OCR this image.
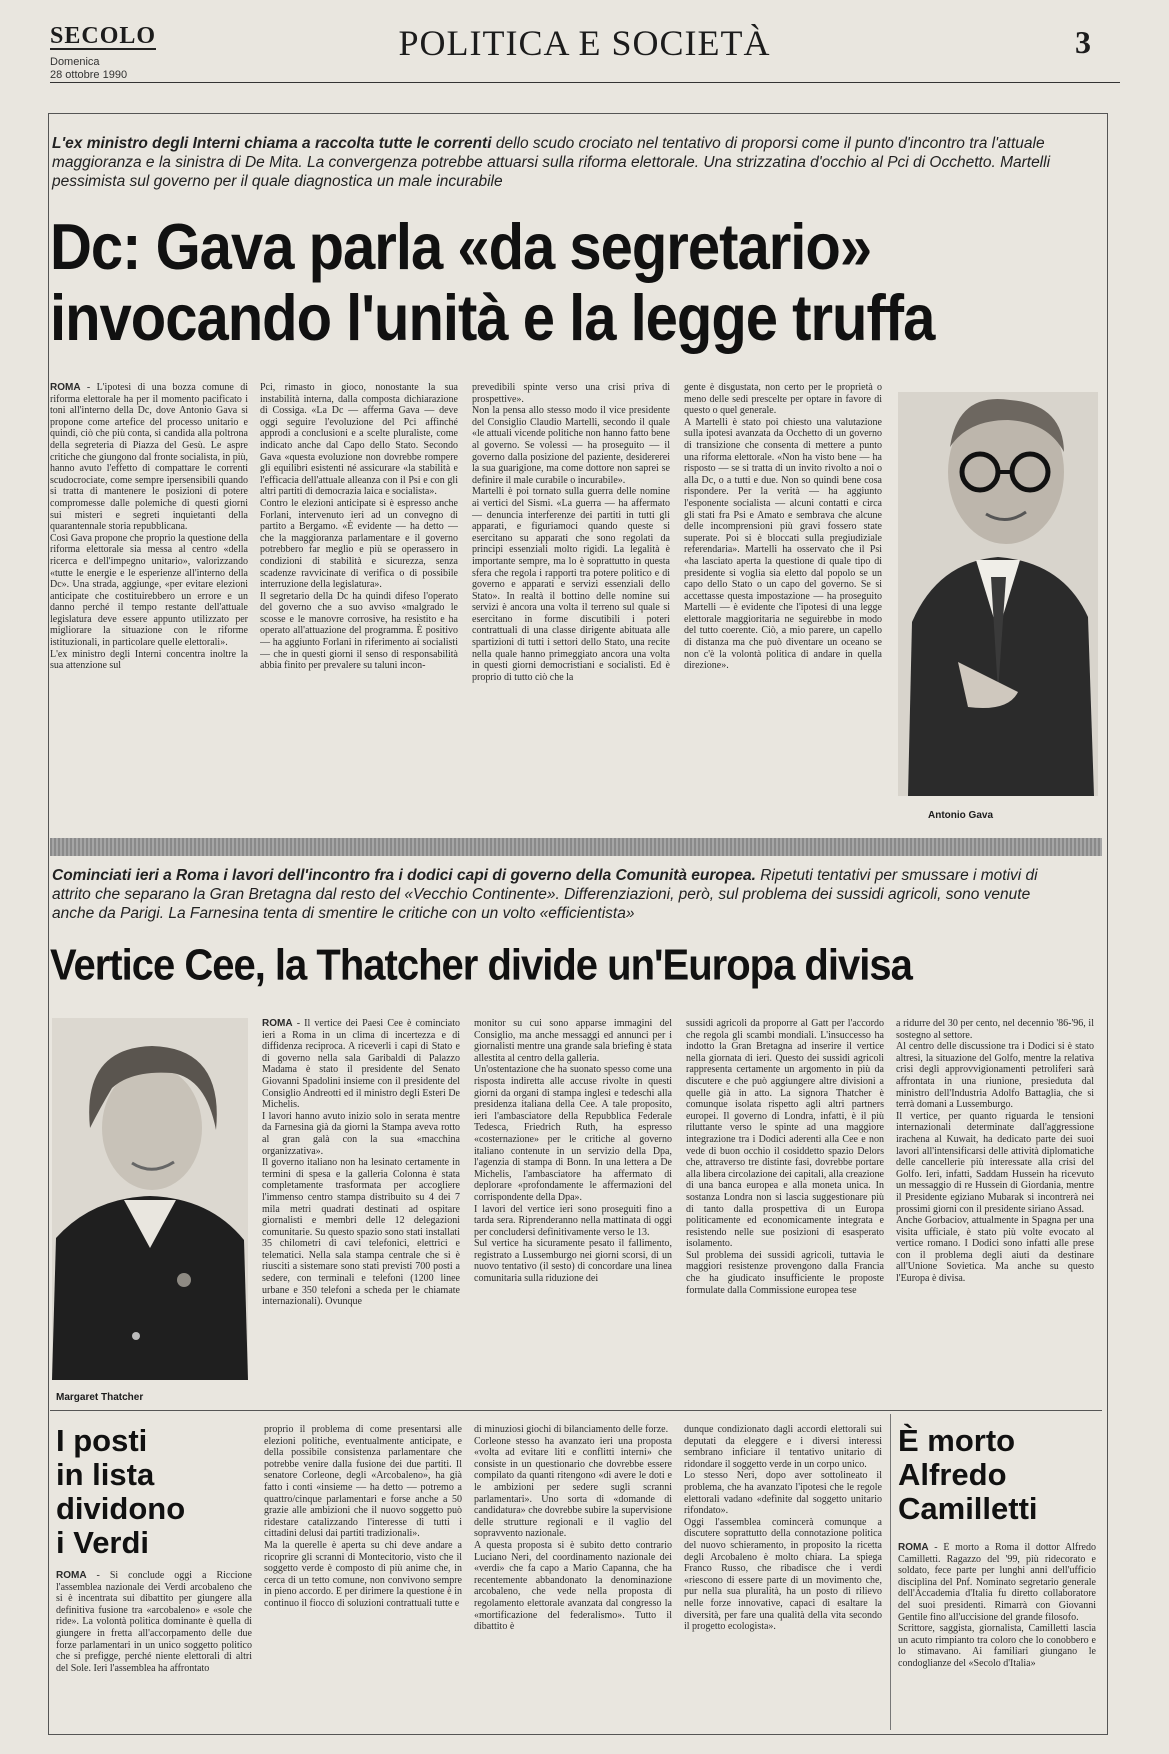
SECOLO
Domenica
28 ottobre 1990
POLITICA E SOCIETÀ	3
L'ex ministro degli Interni chiama a raccolta tutte le correnti dello scudo crociato nel tentativo di proporsi come il punto d'incontro tra l'attuale maggioranza e la sinistra di De Mita. La convergenza potrebbe attuarsi sulla riforma elettorale. Una strizzatina d'occhio al Pci di Occhetto. Martelli pessimista sul governo per il quale diagnostica un male incurabile
Dc: Gava parla «da segretario»
invocando l'unità e la legge truffa
ROMA - L'ipotesi di una bozza comune di riforma elettorale ha per il momento pacificato i toni all'interno della Dc, dove Antonio Gava si propone come artefice del processo unitario e quindi, ciò che più conta, si candida alla poltrona della segreteria di Piazza del Gesù. Le aspre critiche che giungono dal fronte socialista, in più, hanno avuto l'effetto di compattare le correnti scudocrociate, come sempre ipersensibili quando si tratta di mantenere le posizioni di potere compromesse dalle polemiche di questi giorni sui misteri e segreti inquietanti della quarantennale storia repubblicana.
Così Gava propone che proprio la questione della riforma elettorale sia messa al centro «della ricerca e dell'impegno unitario», valorizzando «tutte le energie e le esperienze all'interno della Dc». Una strada, aggiunge, «per evitare elezioni anticipate che costituirebbero un errore e un danno perché il tempo restante dell'attuale legislatura deve essere appunto utilizzato per migliorare la situazione con le riforme istituzionali, in particolare quelle elettorali».
L'ex ministro degli Interni concentra inoltre la sua attenzione sul
Pci, rimasto in gioco, nonostante la sua instabilità interna, dalla composta dichiarazione di Cossiga. «La Dc — afferma Gava — deve oggi seguire l'evoluzione del Pci affinché approdi a conclusioni e a scelte pluraliste, come indicato anche dal Capo dello Stato. Secondo Gava «questa evoluzione non dovrebbe rompere gli equilibri esistenti né assicurare «la stabilità e l'efficacia dell'attuale alleanza con il Psi e con gli altri partiti di democrazia laica e socialista».
Contro le elezioni anticipate si è espresso anche Forlani, intervenuto ieri ad un convegno di partito a Bergamo. «È evidente — ha detto — che la maggioranza parlamentare e il governo potrebbero far meglio e più se operassero in condizioni di stabilità e sicurezza, senza scadenze ravvicinate di verifica o di possibile interruzione della legislatura».
Il segretario della Dc ha quindi difeso l'operato del governo che a suo avviso «malgrado le scosse e le manovre corrosive, ha resistito e ha operato all'attuazione del programma. È positivo — ha aggiunto Forlani in riferimento ai socialisti — che in questi giorni il senso di responsabilità abbia finito per prevalere su taluni incon-
prevedibili spinte verso una crisi priva di prospettive».
Non la pensa allo stesso modo il vice presidente del Consiglio Claudio Martelli, secondo il quale «le attuali vicende politiche non hanno fatto bene al governo. Se volessi — ha proseguito — il governo dalla posizione del paziente, desidererei la sua guarigione, ma come dottore non saprei se definire il male curabile o incurabile».
Martelli è poi tornato sulla guerra delle nomine ai vertici del Sismi. «La guerra — ha affermato — denuncia interferenze dei partiti in tutti gli apparati, e figuriamoci quando queste si esercitano su apparati che sono regolati da principi essenziali molto rigidi. La legalità è importante sempre, ma lo è soprattutto in questa sfera che regola i rapporti tra potere politico e di governo e apparati e servizi essenziali dello Stato». In realtà il bottino delle nomine sui servizi è ancora una volta il terreno sul quale si esercitano in forme discutibili i poteri contrattuali di una classe dirigente abituata alle spartizioni di tutti i settori dello Stato, una recite nella quale hanno primeggiato ancora una volta in questi giorni democristiani e socialisti. Ed è proprio di tutto ciò che la
gente è disgustata, non certo per le proprietà o meno delle sedi prescelte per optare in favore di questo o quel generale.
A Martelli è stato poi chiesto una valutazione sulla ipotesi avanzata da Occhetto di un governo di transizione che consenta di mettere a punto una riforma elettorale. «Non ha visto bene — ha risposto — se si tratta di un invito rivolto a noi o alla Dc, o a tutti e due. Non so quindi bene cosa rispondere. Per la verità — ha aggiunto l'esponente socialista — alcuni contatti e circa gli stati fra Psi e Amato e sembrava che alcune delle incomprensioni più gravi fossero state superate. Poi si è bloccati sulla pregiudiziale referendaria». Martelli ha osservato che il Psi «ha lasciato aperta la questione di quale tipo di presidente si voglia sia eletto dal popolo se un capo dello Stato o un capo del governo. Se si accettasse questa impostazione — ha proseguito Martelli — è evidente che l'ipotesi di una legge elettorale maggioritaria ne seguirebbe in modo del tutto coerente. Ciò, a mio parere, un capello di distanza ma che può diventare un oceano se non c'è la volontà politica di andare in quella direzione».
Antonio Gava
Cominciati ieri a Roma i lavori dell'incontro fra i dodici capi di governo della Comunità europea. Ripetuti tentativi per smussare i motivi di attrito che separano la Gran Bretagna dal resto del «Vecchio Continente». Differenziazioni, però, sul problema dei sussidi agricoli, sono venute anche da Parigi. La Farnesina tenta di smentire le critiche con un volto «efficientista»
Vertice Cee, la Thatcher divide un'Europa divisa
Margaret Thatcher
ROMA - Il vertice dei Paesi Cee è cominciato ieri a Roma in un clima di incertezza e di diffidenza reciproca. A riceverli i capi di Stato e di governo nella sala Garibaldi di Palazzo Madama è stato il presidente del Senato Giovanni Spadolini insieme con il presidente del Consiglio Andreotti ed il ministro degli Esteri De Michelis.
I lavori hanno avuto inizio solo in serata mentre da Farnesina già da giorni la Stampa aveva rotto al gran galà con la sua «macchina organizzativa».
Il governo italiano non ha lesinato certamente in termini di spesa e la galleria Colonna è stata completamente trasformata per accogliere l'immenso centro stampa distribuito su 4 dei 7 mila metri quadrati destinati ad ospitare giornalisti e membri delle 12 delegazioni comunitarie. Su questo spazio sono stati installati 35 chilometri di cavi telefonici, elettrici e telematici. Nella sala stampa centrale che si è riusciti a sistemare sono stati previsti 700 posti a sedere, con terminali e telefoni (1200 linee urbane e 350 telefoni a scheda per le chiamate internazionali). Ovunque
monitor su cui sono apparse immagini del Consiglio, ma anche messaggi ed annunci per i giornalisti mentre una grande sala briefing è stata allestita al centro della galleria.
Un'ostentazione che ha suonato spesso come una risposta indiretta alle accuse rivolte in questi giorni da organi di stampa inglesi e tedeschi alla presidenza italiana della Cee. A tale proposito, ieri l'ambasciatore della Repubblica Federale Tedesca, Friedrich Ruth, ha espresso «costernazione» per le critiche al governo italiano contenute in un servizio della Dpa, l'agenzia di stampa di Bonn. In una lettera a De Michelis, l'ambasciatore ha affermato di deplorare «profondamente le affermazioni del corrispondente della Dpa».
I lavori del vertice ieri sono proseguiti fino a tarda sera. Riprenderanno nella mattinata di oggi per concludersi definitivamente verso le 13.
Sul vertice ha sicuramente pesato il fallimento, registrato a Lussemburgo nei giorni scorsi, di un nuovo tentativo (il sesto) di concordare una linea comunitaria sulla riduzione dei
sussidi agricoli da proporre al Gatt per l'accordo che regola gli scambi mondiali. L'insuccesso ha indotto la Gran Bretagna ad inserire il vertice nella giornata di ieri. Questo dei sussidi agricoli rappresenta certamente un argomento in più da discutere e che può aggiungere altre divisioni a quelle già in atto. La signora Thatcher è comunque isolata rispetto agli altri partners europei. Il governo di Londra, infatti, è il più riluttante verso le spinte ad una maggiore integrazione tra i Dodici aderenti alla Cee e non vede di buon occhio il cosiddetto spazio Delors che, attraverso tre distinte fasi, dovrebbe portare alla libera circolazione dei capitali, alla creazione di una banca europea e alla moneta unica. In sostanza Londra non si lascia suggestionare più di tanto dalla prospettiva di un Europa politicamente ed economicamente integrata e resistendo nelle sue posizioni di esasperato isolamento.
Sul problema dei sussidi agricoli, tuttavia le maggiori resistenze provengono dalla Francia che ha giudicato insufficiente le proposte formulate dalla Commissione europea tese
a ridurre del 30 per cento, nel decennio '86-'96, il sostegno al settore.
Al centro delle discussione tra i Dodici si è stato altresì, la situazione del Golfo, mentre la relativa crisi degli approvvigionamenti petroliferi sarà affrontata in una riunione, presieduta dal ministro dell'Industria Adolfo Battaglia, che si terrà domani a Lussemburgo.
Il vertice, per quanto riguarda le tensioni internazionali determinate dall'aggressione irachena al Kuwait, ha dedicato parte dei suoi lavori all'intensificarsi delle attività diplomatiche delle cancellerie più interessate alla crisi del Golfo. Ieri, infatti, Saddam Hussein ha ricevuto un messaggio di re Hussein di Giordania, mentre il Presidente egiziano Mubarak si incontrerà nei prossimi giorni con il presidente siriano Assad.
Anche Gorbaciov, attualmente in Spagna per una visita ufficiale, è stato più volte evocato al vertice romano. I Dodici sono infatti alle prese con il problema degli aiuti da destinare all'Unione Sovietica. Ma anche su questo l'Europa è divisa.
I posti
in lista
dividono
i Verdi
ROMA - Si conclude oggi a Riccione l'assemblea nazionale dei Verdi arcobaleno che si è incentrata sui dibattito per giungere alla definitiva fusione tra «arcobaleno» e «sole che ride». La volontà politica dominante è quella di giungere in fretta all'accorpamento delle due forze parlamentari in un unico soggetto politico che si prefigge, perché niente elettorali di altri del Sole. Ieri l'assemblea ha affrontato
proprio il problema di come presentarsi alle elezioni politiche, eventualmente anticipate, e della possibile consistenza parlamentare che potrebbe venire dalla fusione dei due partiti. Il senatore Corleone, degli «Arcobaleno», ha già fatto i conti «insieme — ha detto — potremo a quattro/cinque parlamentari e forse anche a 50 grazie alle ambizioni che il nuovo soggetto può ridestare catalizzando l'interesse di tutti i cittadini delusi dai partiti tradizionali».
Ma la querelle è aperta su chi deve andare a ricoprire gli scranni di Montecitorio, visto che il soggetto verde è composto di più anime che, in cerca di un tetto comune, non convivono sempre in pieno accordo. E per dirimere la questione è in continuo il fiocco di soluzioni contrattuali tutte e
di minuziosi giochi di bilanciamento delle forze.
Corleone stesso ha avanzato ieri una proposta «volta ad evitare liti e conflitti interni» che consiste in un questionario che dovrebbe essere compilato da quanti ritengono «di avere le doti e le ambizioni per sedere sugli scranni parlamentari». Uno sorta di «domande di candidatura» che dovrebbe subire la supervisione delle strutture regionali e il vaglio del sopravvento nazionale.
A questa proposta si è subito detto contrario Luciano Neri, del coordinamento nazionale dei «verdi» che fa capo a Mario Capanna, che ha recentemente abbandonato la denominazione arcobaleno, che vede nella proposta di regolamento elettorale avanzata dal congresso la «mortificazione del federalismo». Tutto il dibattito è
dunque condizionato dagli accordi elettorali sui deputati da eleggere e i diversi interessi sembrano inficiare il tentativo unitario di ridondare il soggetto verde in un corpo unico.
Lo stesso Neri, dopo aver sottolineato il problema, che ha avanzato l'ipotesi che le regole elettorali vadano «definite dal soggetto unitario rifondato».
Oggi l'assemblea comincerà comunque a discutere soprattutto della connotazione politica del nuovo schieramento, in proposito la ricetta degli Arcobaleno è molto chiara. La spiega Franco Russo, che ribadisce che i verdi «riescono di essere parte di un movimento che, pur nella sua pluralità, ha un posto di rilievo nelle forze innovative, capaci di esaltare la diversità, per fare una qualità della vita secondo il progetto ecologista».
È morto
Alfredo
Camilletti
ROMA - È morto a Roma il dottor Alfredo Camilletti. Ragazzo del '99, più ridecorato e soldato, fece parte per lunghi anni dell'ufficio disciplina del Pnf. Nominato segretario generale dell'Accademia d'Italia fu diretto collaboratore del suoi presidenti. Rimarrà con Giovanni Gentile fino all'uccisione del grande filosofo.
Scrittore, saggista, giornalista, Camilletti lascia un acuto rimpianto tra coloro che lo conobbero e lo stimavano. Ai familiari giungano le condoglianze del «Secolo d'Italia»
